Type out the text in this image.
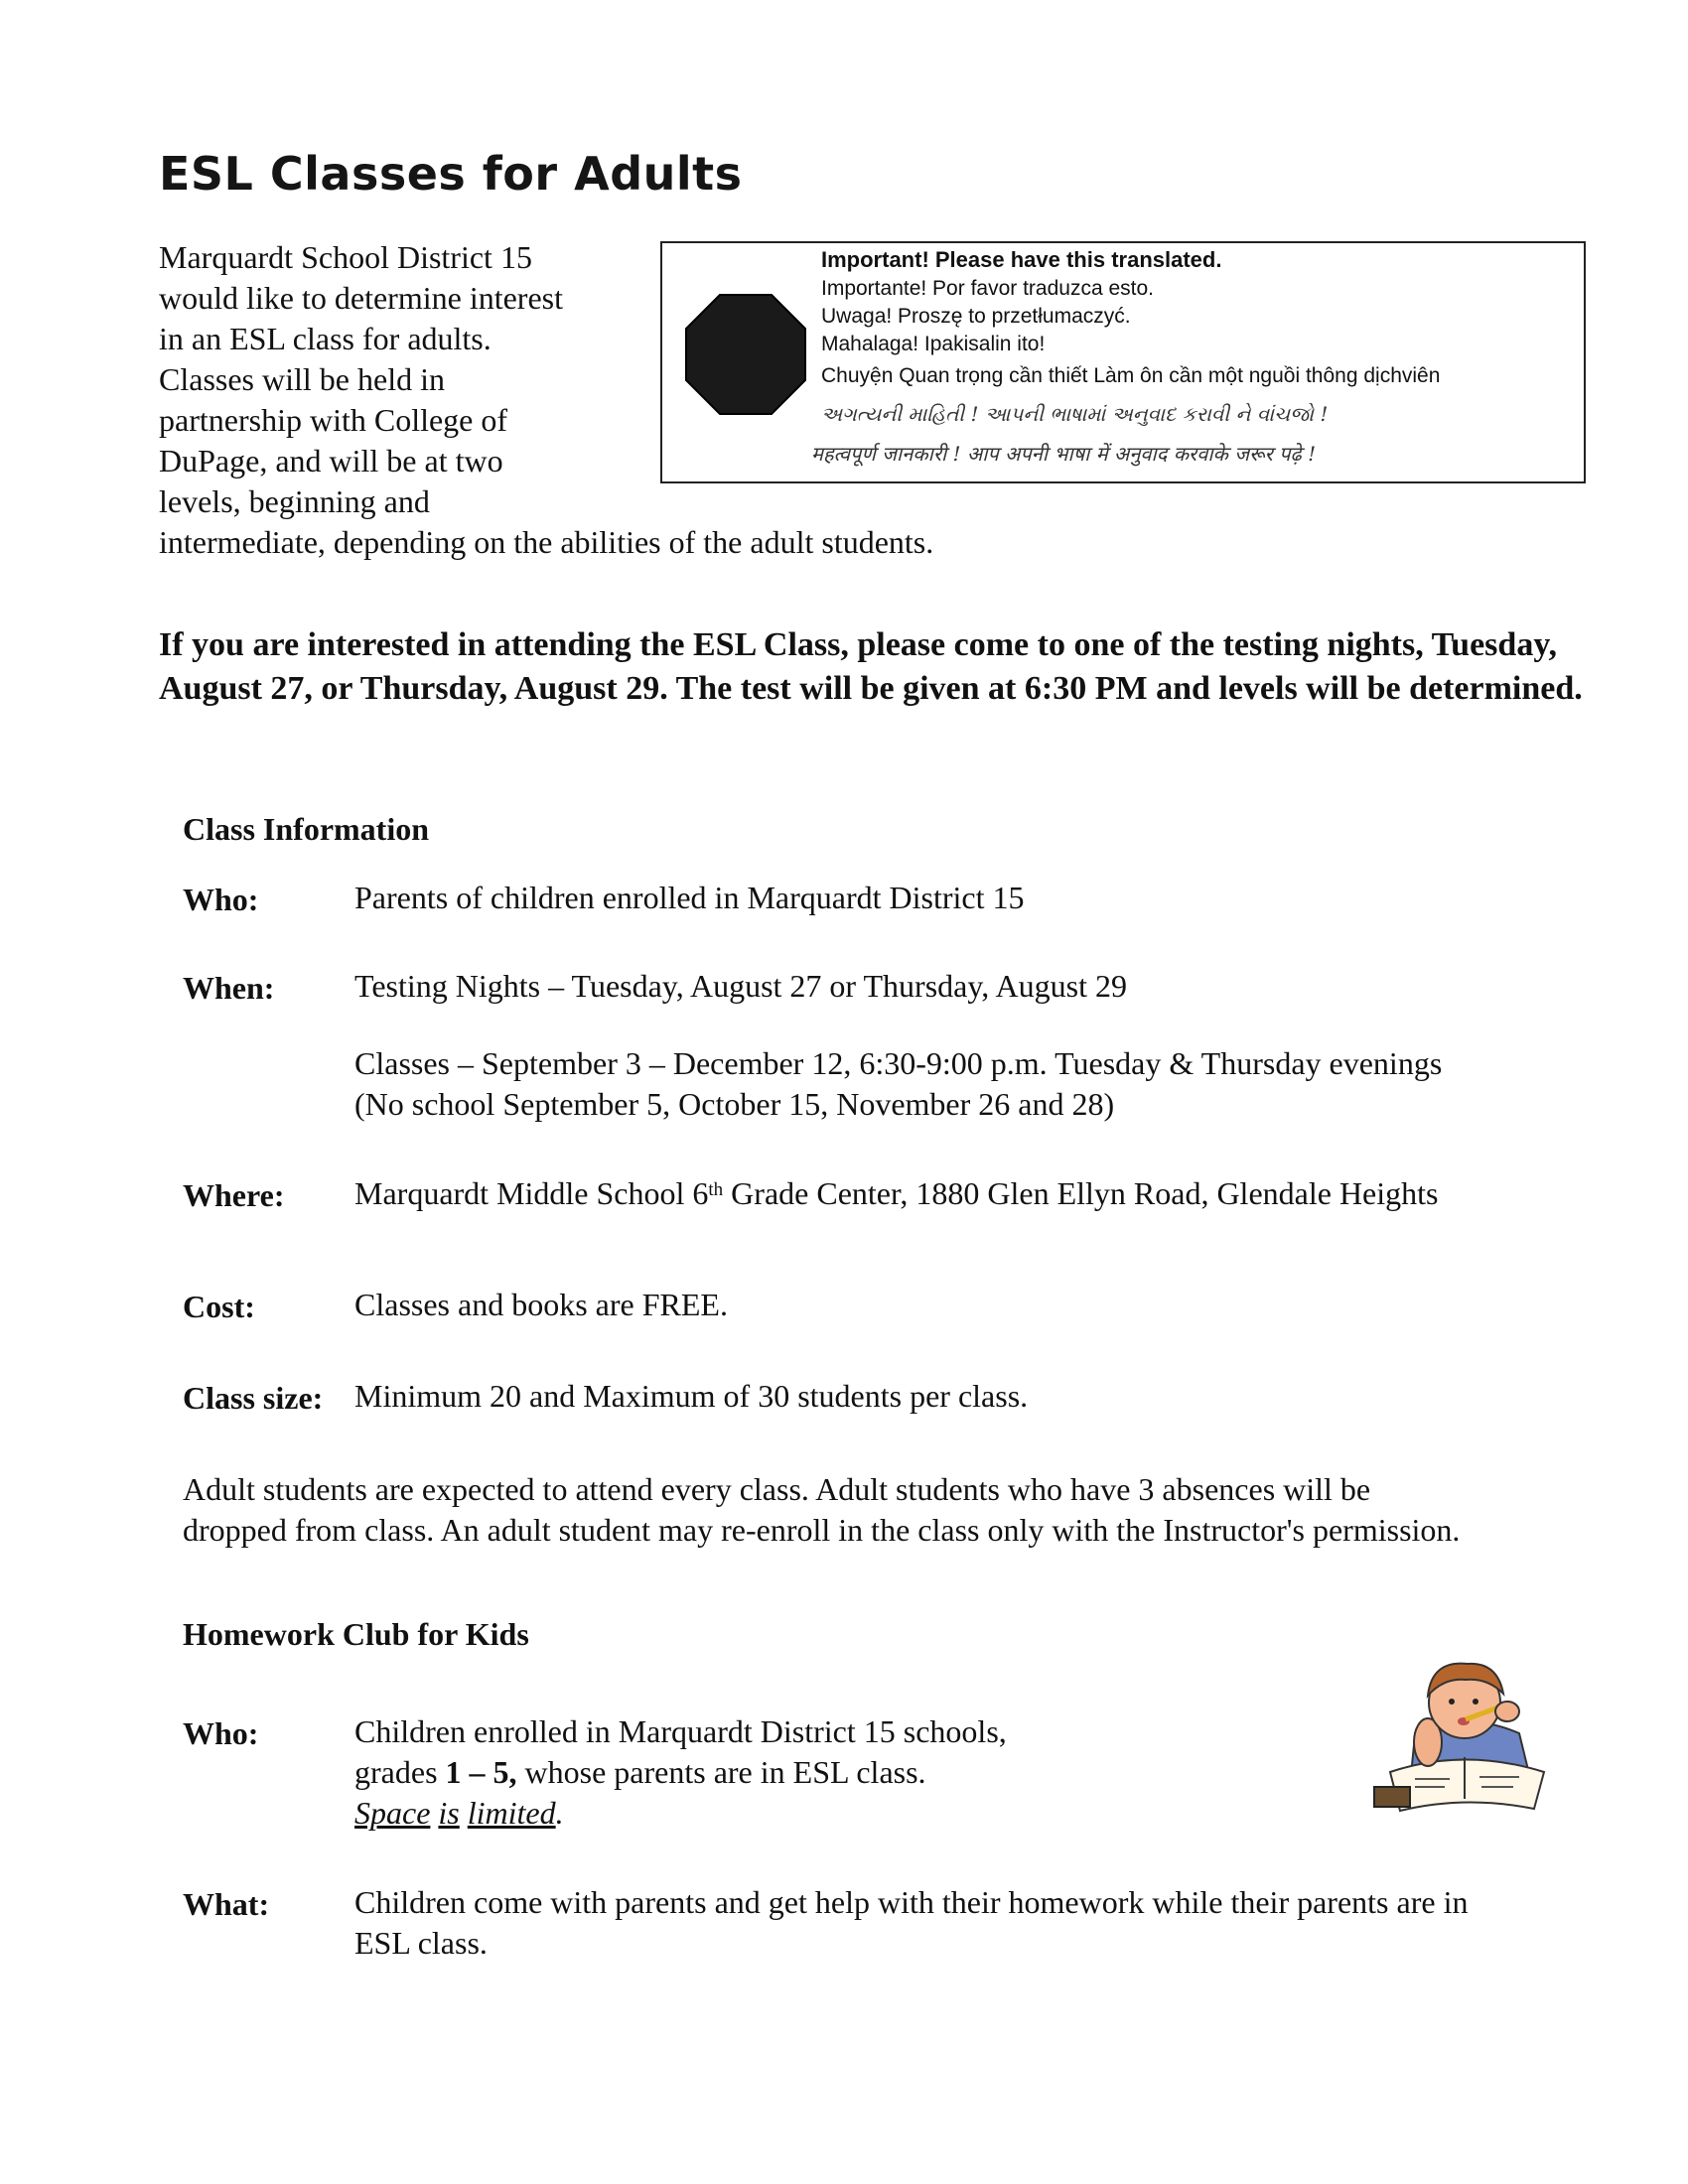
ESL Classes for Adults
Marquardt School District 15
would like to determine interest
in an ESL class for adults.
Classes will be held in
partnership with College of
DuPage, and will be at two
levels, beginning and
intermediate, depending on the abilities of the adult students.
Important! Please have this translated.
Importante! Por favor traduzca esto.
Uwaga! Proszę to przetłumaczyć.
Mahalaga! Ipakisalin ito!
Chuyện Quan trọng cần thiết Làm ôn cần một nguồi thông dịchviên
અગત્યની માહિતી ! આપની ભાષામાં અનુવાદ કરાવી ને વાંચજો !
महत्वपूर्ण जानकारी ! आप अपनी भाषा में अनुवाद करवाके जरूर पढ़े !
If you are interested in attending the ESL Class, please come to one of the testing nights, Tuesday, August 27, or Thursday, August 29. The test will be given at 6:30 PM and levels will be determined.
Class Information
Who:	Parents of children enrolled in Marquardt District 15
When:	Testing Nights – Tuesday, August 27 or Thursday, August 29
Classes – September 3 – December 12, 6:30-9:00 p.m. Tuesday & Thursday evenings
(No school September 5, October 15, November 26 and 28)
Where: Marquardt Middle School 6th Grade Center, 1880 Glen Ellyn Road, Glendale Heights
Cost:	Classes and books are FREE.
Class size: Minimum 20 and Maximum of 30 students per class.
Adult students are expected to attend every class. Adult students who have 3 absences will be
dropped from class. An adult student may re-enroll in the class only with the Instructor's permission.
Homework Club for Kids
Who:	Children enrolled in Marquardt District 15 schools,
grades 1 – 5, whose parents are in ESL class.
Space is limited.
What:	Children come with parents and get help with their homework while their parents are in
ESL class.
